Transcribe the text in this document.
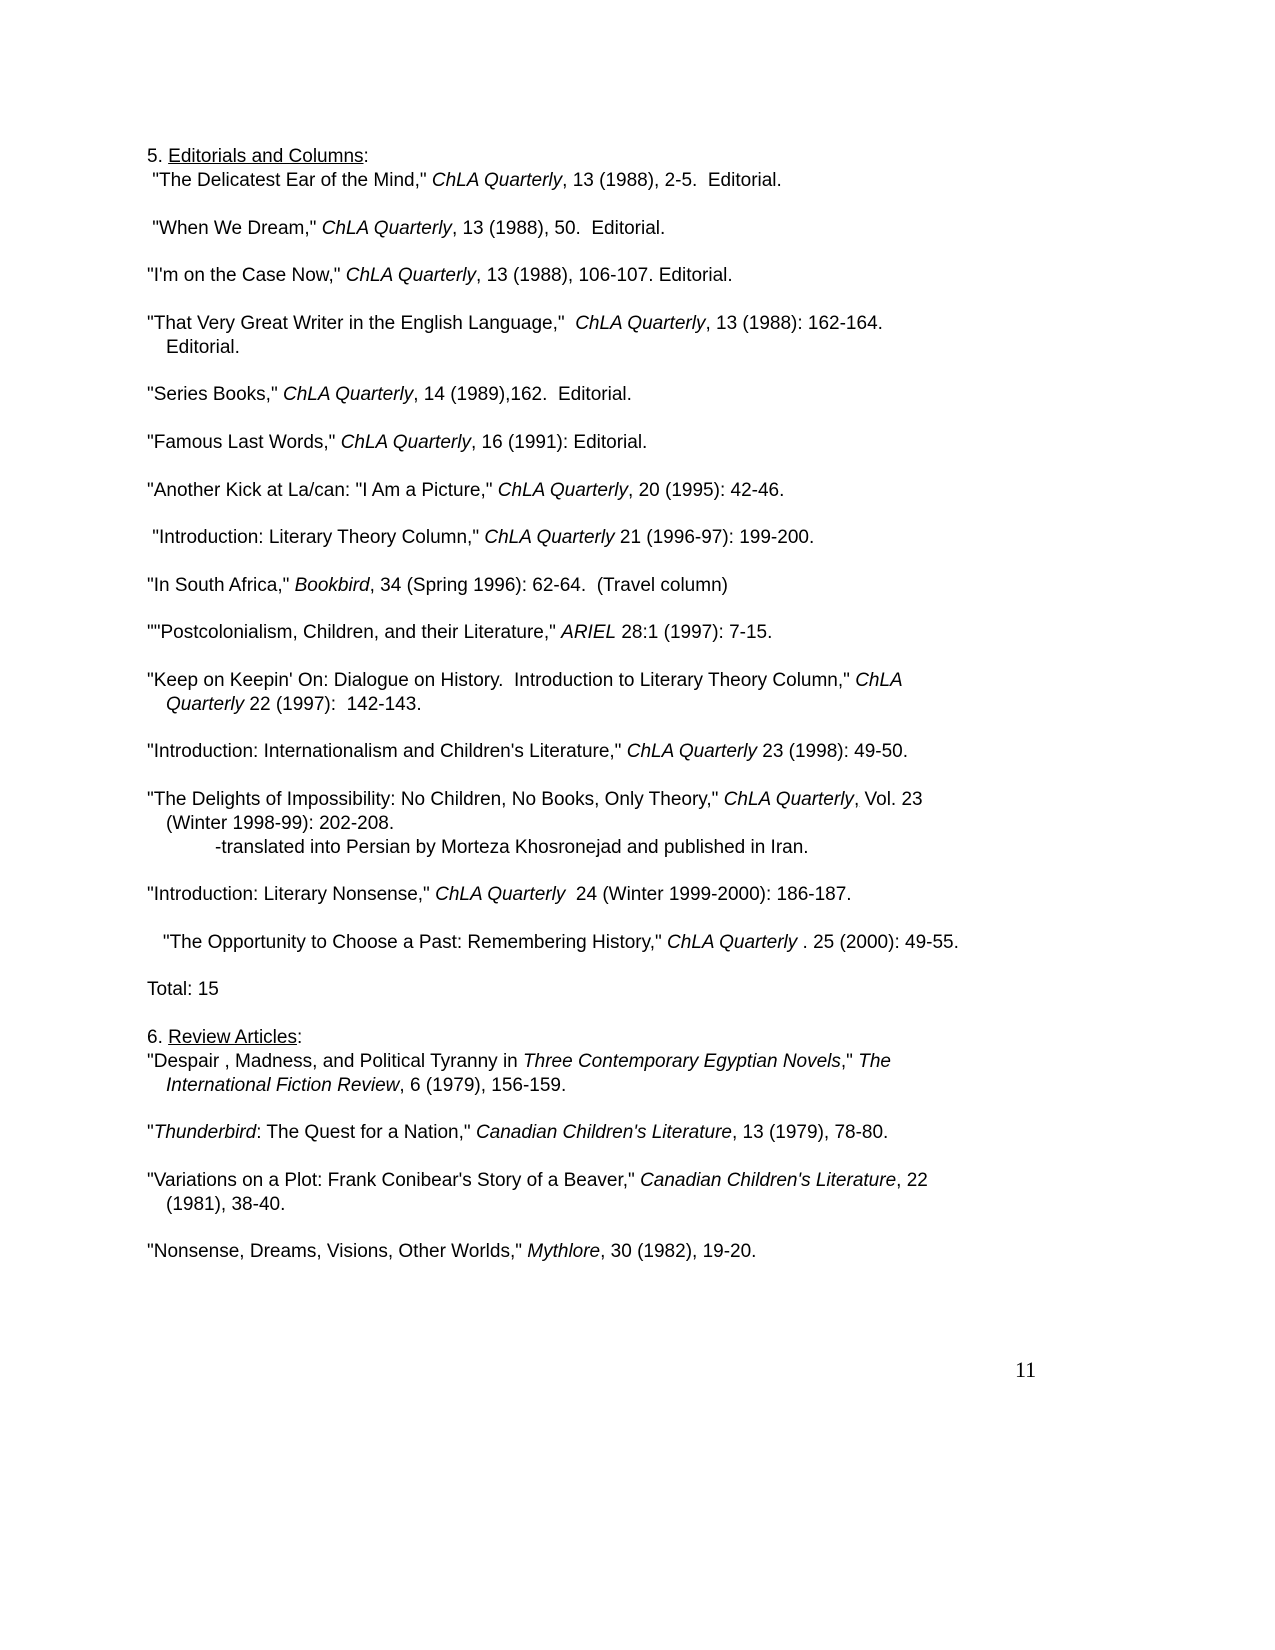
5. Editorials and Columns:
"The Delicatest Ear of the Mind," ChLA Quarterly, 13 (1988), 2-5.  Editorial.
"When We Dream," ChLA Quarterly, 13 (1988), 50.  Editorial.
"I'm on the Case Now," ChLA Quarterly, 13 (1988), 106-107. Editorial.
"That Very Great Writer in the English Language,"  ChLA Quarterly, 13 (1988): 162-164.
Editorial.
"Series Books," ChLA Quarterly, 14 (1989),162.  Editorial.
"Famous Last Words," ChLA Quarterly, 16 (1991): Editorial.
"Another Kick at La/can: "I Am a Picture," ChLA Quarterly, 20 (1995): 42-46.
"Introduction: Literary Theory Column," ChLA Quarterly 21 (1996-97): 199-200.
"In South Africa," Bookbird, 34 (Spring 1996): 62-64.  (Travel column)
""Postcolonialism, Children, and their Literature," ARIEL 28:1 (1997): 7-15.
"Keep on Keepin' On: Dialogue on History.  Introduction to Literary Theory Column," ChLA
Quarterly 22 (1997):  142-143.
"Introduction: Internationalism and Children's Literature," ChLA Quarterly 23 (1998): 49-50.
"The Delights of Impossibility: No Children, No Books, Only Theory," ChLA Quarterly, Vol. 23
(Winter 1998-99): 202-208.
-translated into Persian by Morteza Khosronejad and published in Iran.
"Introduction: Literary Nonsense," ChLA Quarterly  24 (Winter 1999-2000): 186-187.
"The Opportunity to Choose a Past: Remembering History," ChLA Quarterly . 25 (2000): 49-55.
Total: 15
6. Review Articles:
"Despair , Madness, and Political Tyranny in Three Contemporary Egyptian Novels," The
International Fiction Review, 6 (1979), 156-159.
"Thunderbird: The Quest for a Nation," Canadian Children's Literature, 13 (1979), 78-80.
"Variations on a Plot: Frank Conibear's Story of a Beaver," Canadian Children's Literature, 22
(1981), 38-40.
"Nonsense, Dreams, Visions, Other Worlds," Mythlore, 30 (1982), 19-20.
11
